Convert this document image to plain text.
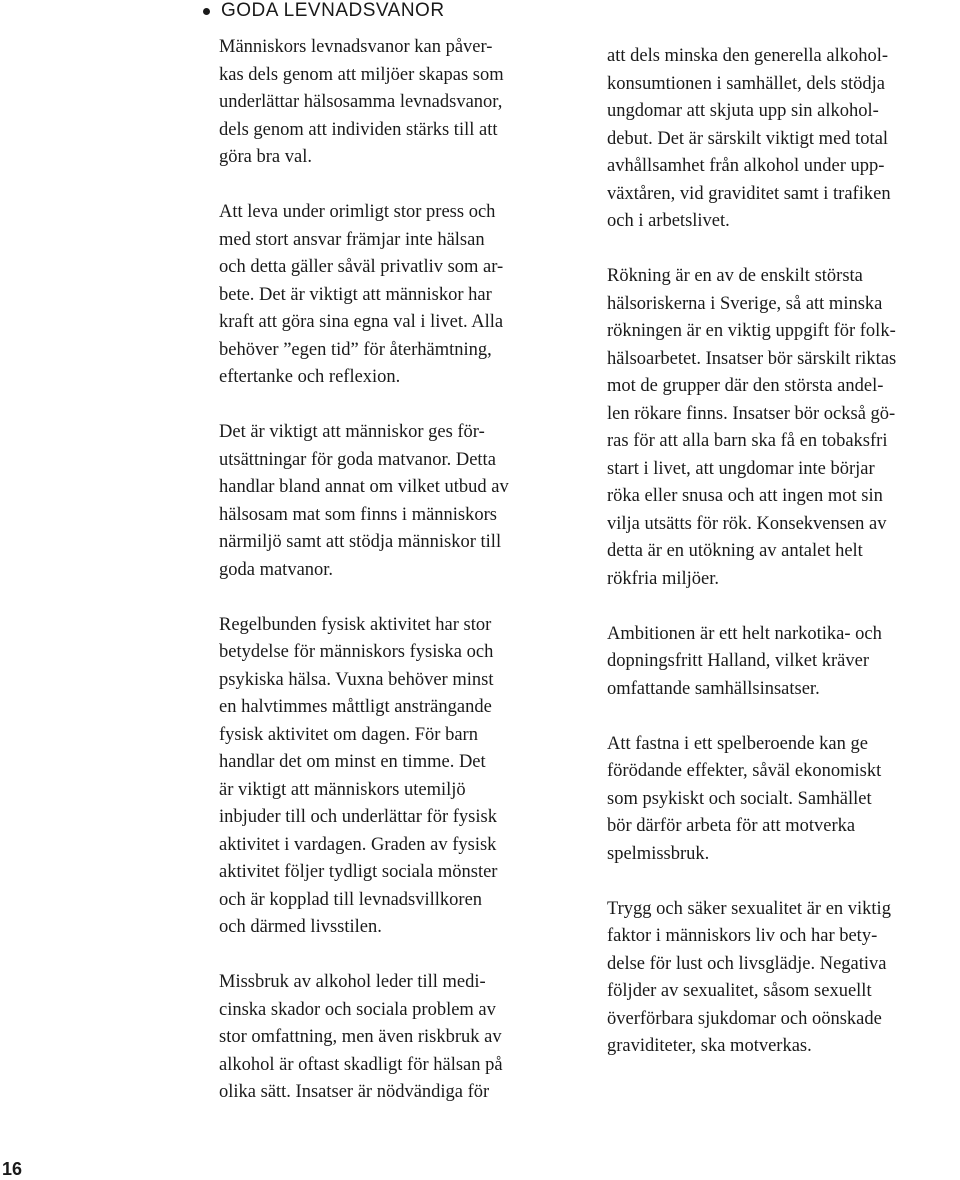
GODA LEVNADSVANOR
Människors levnadsvanor kan påver-
kas dels genom att miljöer skapas som
underlättar hälsosamma levnadsvanor,
dels genom att individen stärks till att
göra bra val.
Att leva under orimligt stor press och
med stort ansvar främjar inte hälsan
och detta gäller såväl privatliv som ar-
bete. Det är viktigt att människor har
kraft att göra sina egna val i livet. Alla
behöver ”egen tid” för återhämtning,
eftertanke och reflexion.
Det är viktigt att människor ges för-
utsättningar för goda matvanor. Detta
handlar bland annat om vilket utbud av
hälsosam mat som finns i människors
närmiljö samt att stödja människor till
goda matvanor.
Regelbunden fysisk aktivitet har stor
betydelse för människors fysiska och
psykiska hälsa. Vuxna behöver minst
en halvtimmes måttligt ansträngande
fysisk aktivitet om dagen. För barn
handlar det om minst en timme. Det
är viktigt att människors utemiljö
inbjuder till och underlättar för fysisk
aktivitet i vardagen. Graden av fysisk
aktivitet följer tydligt sociala mönster
och är kopplad till levnadsvillkoren
och därmed livsstilen.
Missbruk av alkohol leder till medi-
cinska skador och sociala problem av
stor omfattning, men även riskbruk av
alkohol är oftast skadligt för hälsan på
olika sätt. Insatser är nödvändiga för
att dels minska den generella alkohol-
konsumtionen i samhället, dels stödja
ungdomar att skjuta upp sin alkohol-
debut. Det är särskilt viktigt med total
avhållsamhet från alkohol under upp-
växtåren, vid graviditet samt i trafiken
och i arbetslivet.
Rökning är en av de enskilt största
hälsoriskerna i Sverige, så att minska
rökningen är en viktig uppgift för folk-
hälsoarbetet. Insatser bör särskilt riktas
mot de grupper där den största andel-
len rökare finns. Insatser bör också gö-
ras för att alla barn ska få en tobaksfri
start i livet, att ungdomar inte börjar
röka eller snusa och att ingen mot sin
vilja utsätts för rök. Konsekvensen av
detta är en utökning av antalet helt
rökfria miljöer.
Ambitionen är ett helt narkotika- och
dopningsfritt Halland, vilket kräver
omfattande samhällsinsatser.
Att fastna i ett spelberoende kan ge
förödande effekter, såväl ekonomiskt
som psykiskt och socialt. Samhället
bör därför arbeta för att motverka
spelmissbruk.
Trygg och säker sexualitet är en viktig
faktor i människors liv och har bety-
delse för lust och livsglädje. Negativa
följder av sexualitet, såsom sexuellt
överförbara sjukdomar och oönskade
graviditeter, ska motverkas.
16
